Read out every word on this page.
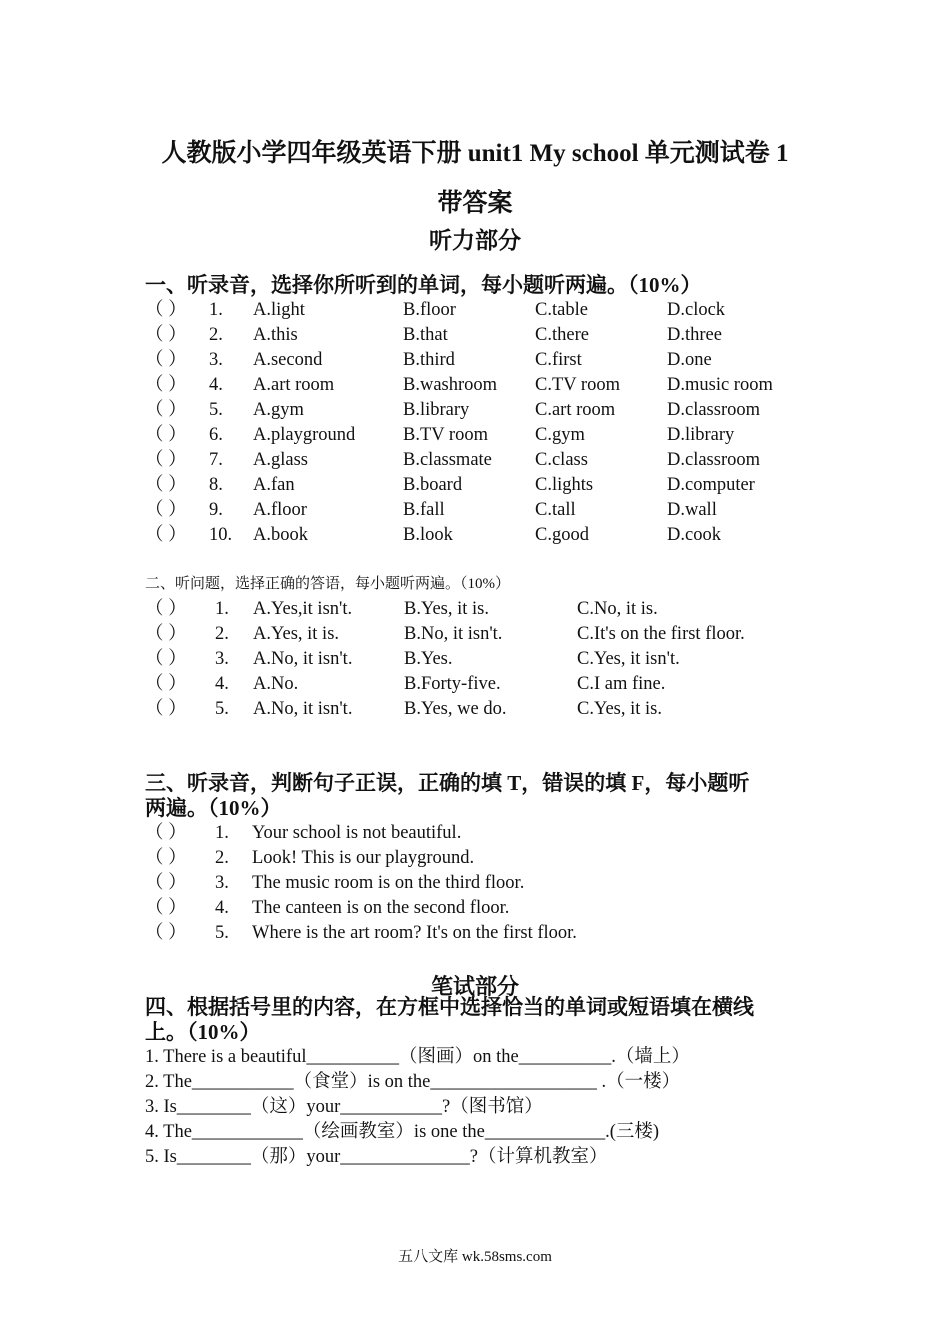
人教版小学四年级英语下册 unit1 My school 单元测试卷 1
带答案
听力部分
一、听录音，选择你所听到的单词，每小题听两遍。（10%）
（ ） 1. A.light	B.floor	C.table	D.clock
（ ） 2. A.this	B.that	C.there	D.three
（ ） 3. A.second	B.third	C.first	D.one
（ ） 4. A.art room	B.washroom C.TV room	D.music room
（ ） 5. A.gym	B.library	C.art room	D.classroom
（ ） 6. A.playground	B.TV room	C.gym	D.library
（ ） 7. A.glass	B.classmate C.class	D.classroom
（ ） 8. A.fan	B.board	C.lights	D.computer
（ ） 9. A.floor	B.fall	C.tall	D.wall
（ ） 10. A.book	B.look	C.good	D.cook
二、听问题，选择正确的答语，每小题听两遍。（10%）
（ ） 1. A.Yes,it isn't.	B.Yes, it is.	C.No, it is.
（ ） 2. A.Yes, it is.	B.No, it isn't.	C.It's on the first floor.
（ ） 3. A.No, it isn't.	B.Yes.	C.Yes, it isn't.
（ ） 4. A.No.	B.Forty-five.	C.I am fine.
（ ） 5. A.No, it isn't.	B.Yes, we do.	C.Yes, it is.
三、听录音，判断句子正误，正确的填 T，错误的填 F，每小题听
两遍。（10%）
（ ） 1. Your school is not beautiful.
（ ） 2. Look! This is our playground.
（ ） 3. The music room is on the third floor.
（ ） 4. The canteen is on the second floor.
（ ） 5. Where is the art room? It's on the first floor.
笔试部分
四、根据括号里的内容，在方框中选择恰当的单词或短语填在横线
上。（10%）
1. There is a beautiful__________（图画）on the__________.（墙上）
2. The___________（食堂）is on the__________________ .（一楼）
3. Is________（这）your___________?（图书馆）
4. The____________（绘画教室）is one the_____________.(三楼)
5. Is________（那）your______________?（计算机教室）
五八文库 wk.58sms.com
